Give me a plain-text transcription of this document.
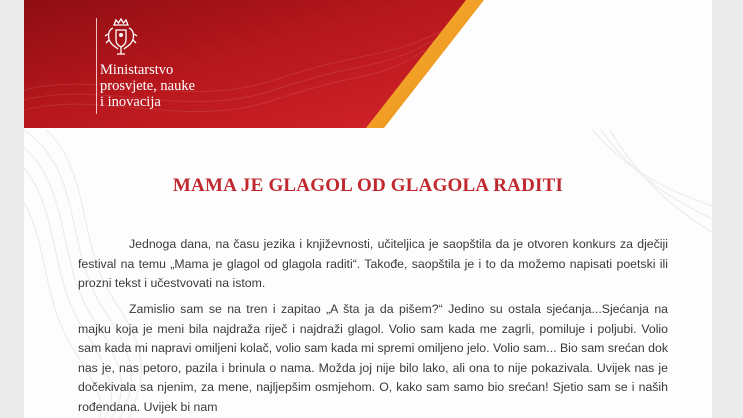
Ministarstvo
prosvjete, nauke
i inovacija
MAMA JE GLAGOL OD GLAGOLA RADITI

Jednoga dana, na času jezika i književnosti, učiteljica je saopštila da je otvoren konkurs za dječiji festival na temu „Mama je glagol od glagola raditi“. Takođe, saopštila je i to da možemo napisati poetski ili prozni tekst i učestvovati na istom.

Zamislio sam se na tren i zapitao „A šta ja da pišem?“ Jedino su ostala sjećanja...Sjećanja na majku koja je meni bila najdraža riječ i najdraži glagol. Volio sam kada me zagrli, pomiluje i poljubi. Volio sam kada mi napravi omiljeni kolač, volio sam kada mi spremi omiljeno jelo. Volio sam... Bio sam srećan dok nas je, nas petoro, pazila i brinula o nama. Možda joj nije bilo lako, ali ona to nije pokazivala. Uvijek nas je dočekivala sa njenim, za mene, najljepšim osmjehom. O, kako sam samo bio srećan! Sjetio sam se i naših rođendana. Uvijek bi nam
